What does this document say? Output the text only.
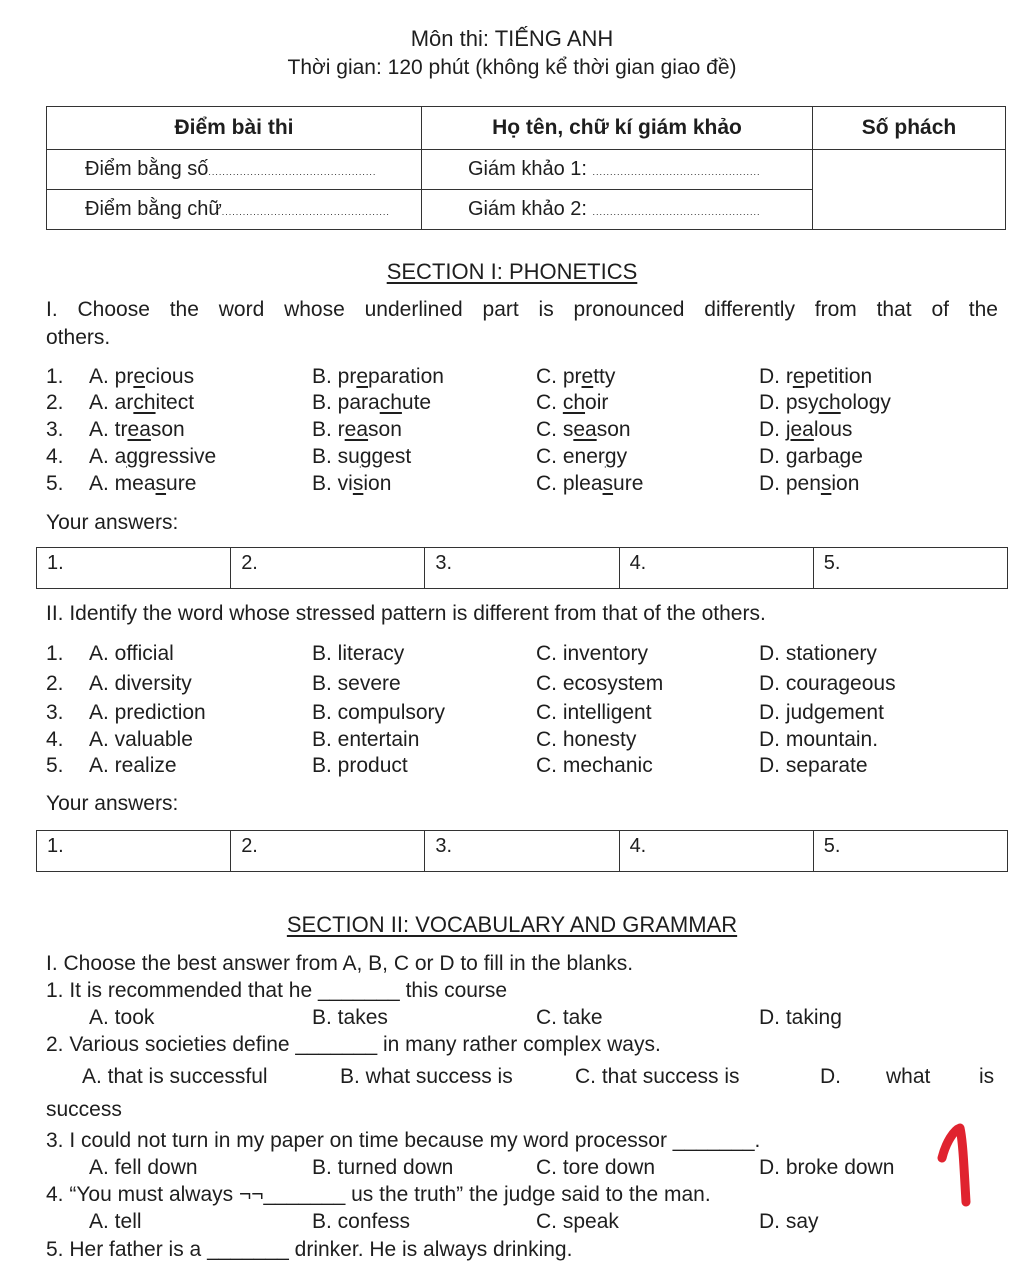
Môn thi: TIẾNG ANH
Thời gian: 120 phút (không kể thời gian giao đề)
Điểm bài thi	Họ tên, chữ kí giám khảo	Số phách
Điểm bằng số................................................	Giám khảo 1: ................................................	
Điểm bằng chữ................................................	Giám khảo 2: ................................................	
SECTION I: PHONETICS
I. Choose the word whose underlined part is pronounced differently from that of the
others.
1. A. precious	B. preparation	C. pretty	D. repetition
2. A. architect	B. parachute	C. choir	D. psychology
3. A. treason	B. reason	C. season	D. jealous
4. A. aggressive	B. suggest	C. energy	D. garbage
5. A. measure	B. vision	C. pleasure	D. pension
Your answers:
1.	2.	3.	4.	5.
II. Identify the word whose stressed pattern is different from that of the others.
1. A. official	B. literacy	C. inventory	D. stationery
2. A. diversity	B. severe	C. ecosystem	D. courageous
3. A. prediction	B. compulsory	C. intelligent	D. judgement
4. A. valuable	B. entertain	C. honesty	D. mountain.
5. A. realize	B. product	C. mechanic	D. separate
Your answers:
1.	2.	3.	4.	5.
SECTION II: VOCABULARY AND GRAMMAR
I. Choose the best answer from A, B, C or D to fill in the blanks.
1. It is recommended that he _______ this course
A. took	B. takes	C. take	D. taking
2. Various societies define _______ in many rather complex ways.
A. that is successful	B. what success is	C. that success is	D. what is
success
3. I could not turn in my paper on time because my word processor _______.
A. fell down	B. turned down	C. tore down	D. broke down
4. “You must always ¬¬_______ us the truth” the judge said to the man.
A. tell	B. confess	C. speak	D. say
5. Her father is a _______ drinker. He is always drinking.
